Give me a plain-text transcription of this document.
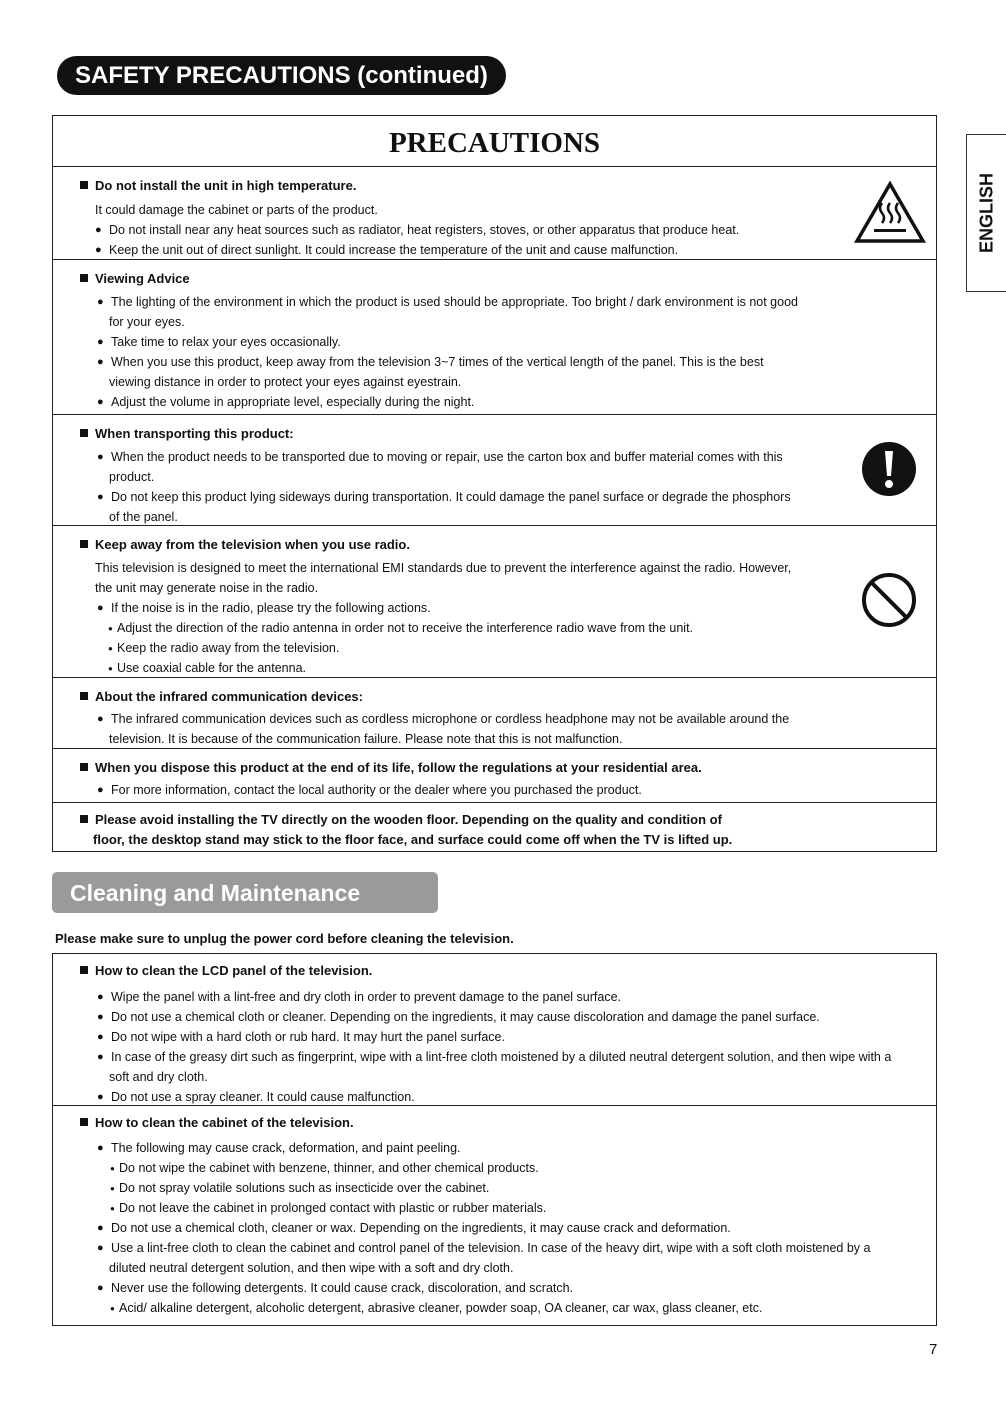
SAFETY PRECAUTIONS (continued)
ENGLISH
PRECAUTIONS
Do not install the unit in high temperature.
It could damage the cabinet or parts of the product.
● Do not install near any heat sources such as radiator, heat registers, stoves, or other apparatus that produce heat.
● Keep the unit out of direct sunlight. It could increase the temperature of the unit and cause malfunction.
Viewing Advice
● The lighting of the environment in which the product is used should be appropriate. Too bright / dark environment is not good
for your eyes.
● Take time to relax your eyes occasionally.
● When you use this product, keep away from the television 3~7 times of the vertical length of the panel. This is the best
viewing distance in order to protect your eyes against eyestrain.
● Adjust the volume in appropriate level, especially during the night.
When transporting this product:
● When the product needs to be transported due to moving or repair, use the carton box and buffer material comes with this
product.
● Do not keep this product lying sideways during transportation. It could damage the panel surface or degrade the phosphors
of the panel.
Keep away from the television when you use radio.
This television is designed to meet the international EMI standards due to prevent the interference against the radio. However,
the unit may generate noise in the radio.
● If the noise is in the radio, please try the following actions.
● Adjust the direction of the radio antenna in order not to receive the interference radio wave from the unit.
● Keep the radio away from the television.
● Use coaxial cable for the antenna.
About the infrared communication devices:
● The infrared communication devices such as cordless microphone or cordless headphone may not be available around the
television. It is because of the communication failure. Please note that this is not malfunction.
When you dispose this product at the end of its life, follow the regulations at your residential area.
● For more information, contact the local authority or the dealer where you purchased the product.
Please avoid installing the TV directly on the wooden floor. Depending on the quality and condition of
floor, the desktop stand may stick to the floor face, and surface could come off when the TV is lifted up.
Cleaning and Maintenance
Please make sure to unplug the power cord before cleaning the television.
How to clean the LCD panel of the television.
● Wipe the panel with a lint-free and dry cloth in order to prevent damage to the panel surface.
● Do not use a chemical cloth or cleaner. Depending on the ingredients, it may cause discoloration and damage the panel surface.
● Do not wipe with a hard cloth or rub hard. It may hurt the panel surface.
● In case of the greasy dirt such as fingerprint, wipe with a lint-free cloth moistened by a diluted neutral detergent solution, and then wipe with a
soft and dry cloth.
● Do not use a spray cleaner. It could cause malfunction.
How to clean the cabinet of the television.
● The following may cause crack, deformation, and paint peeling.
● Do not wipe the cabinet with benzene, thinner, and other chemical products.
● Do not spray volatile solutions such as insecticide over the cabinet.
● Do not leave the cabinet in prolonged contact with plastic or rubber materials.
● Do not use a chemical cloth, cleaner or wax. Depending on the ingredients, it may cause crack and deformation.
● Use a lint-free cloth to clean the cabinet and control panel of the television. In case of the heavy dirt, wipe with a soft cloth moistened by a
diluted neutral detergent solution, and then wipe with a soft and dry cloth.
● Never use the following detergents. It could cause crack, discoloration, and scratch.
● Acid/ alkaline detergent, alcoholic detergent, abrasive cleaner, powder soap, OA cleaner, car wax, glass cleaner, etc.
7
